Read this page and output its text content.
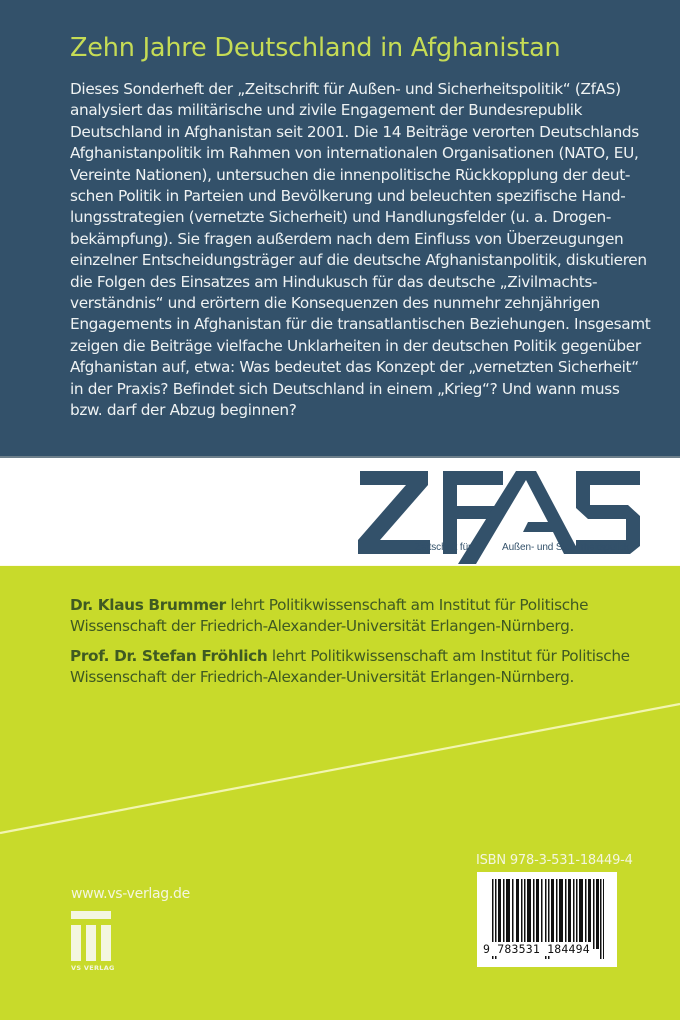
Zehn Jahre Deutschland in Afghanistan
Dieses Sonderheft der „Zeitschrift für Außen- und Sicherheitspolitik“ (ZfAS)
analysiert das militärische und zivile Engagement der Bundesrepublik
Deutschland in Afghanistan seit 2001. Die 14 Beiträge verorten Deutschlands
Afghanistanpolitik im Rahmen von internationalen Organisationen (NATO, EU,
Vereinte Nationen), untersuchen die innenpolitische Rückkopplung der deut-
schen Politik in Parteien und Bevölkerung und beleuchten spezifische Hand-
lungsstrategien (vernetzte Sicherheit) und Handlungsfelder (u. a. Drogen-
bekämpfung). Sie fragen außerdem nach dem Einfluss von Überzeugungen
einzelner Entscheidungsträger auf die deutsche Afghanistanpolitik, diskutieren
die Folgen des Einsatzes am Hindukusch für das deutsche „Zivilmachts-
verständnis“ und erörtern die Konsequenzen des nunmehr zehnjährigen
Engagements in Afghanistan für die transatlantischen Beziehungen. Insgesamt
zeigen die Beiträge vielfache Unklarheiten in der deutschen Politik gegenüber
Afghanistan auf, etwa: Was bedeutet das Konzept der „vernetzten Sicherheit“
in der Praxis? Befindet sich Deutschland in einem „Krieg“? Und wann muss
bzw. darf der Abzug beginnen?
Zeitschrift für	Außen- und Sicherheitspolitik
Dr. Klaus Brummer lehrt Politikwissenschaft am Institut für Politische
Wissenschaft der Friedrich-Alexander-Universität Erlangen-Nürnberg.
Prof. Dr. Stefan Fröhlich lehrt Politikwissenschaft am Institut für Politische
Wissenschaft der Friedrich-Alexander-Universität Erlangen-Nürnberg.
www.vs-verlag.de
VS VERLAG
ISBN 978-3-531-18449-4
9 783531 184494
